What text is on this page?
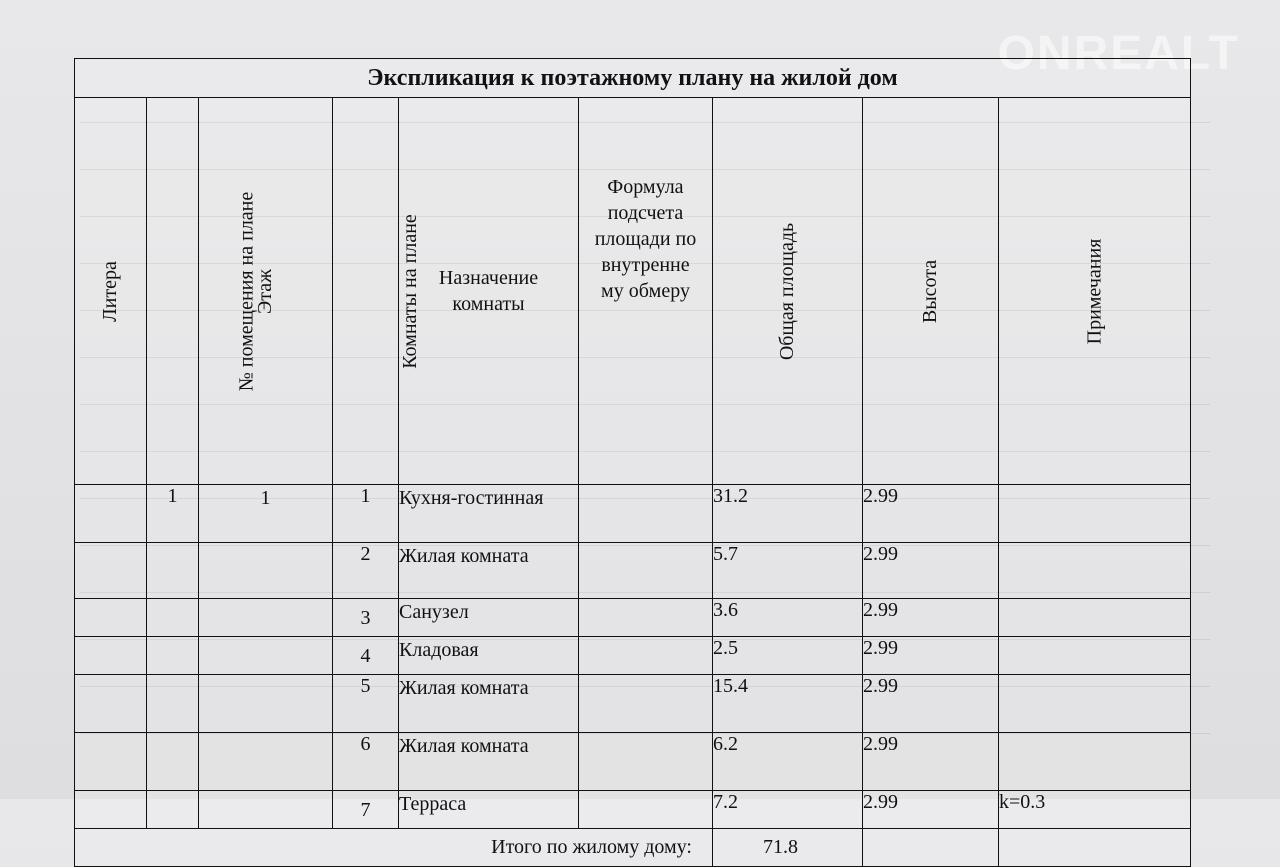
ONREALT
Экспликация к поэтажному плану на жилой дом								
Литера	№ помещения на плане	Этаж	Комнаты на плане	Назначение комнаты	Формула подсчета площади по внутренне му обмеру	Общая площадь	Высота	Примечания
	1	1	1	Кухня-гостинная		31.2	2.99	
			2	Жилая комната		5.7	2.99	
			3	Санузел		3.6	2.99	
			4	Кладовая		2.5	2.99	
			5	Жилая комната		15.4	2.99	
			6	Жилая комната		6.2	2.99	
			7	Терраса		7.2	2.99	k=0.3
Итого по жилому дому:						71.8		
